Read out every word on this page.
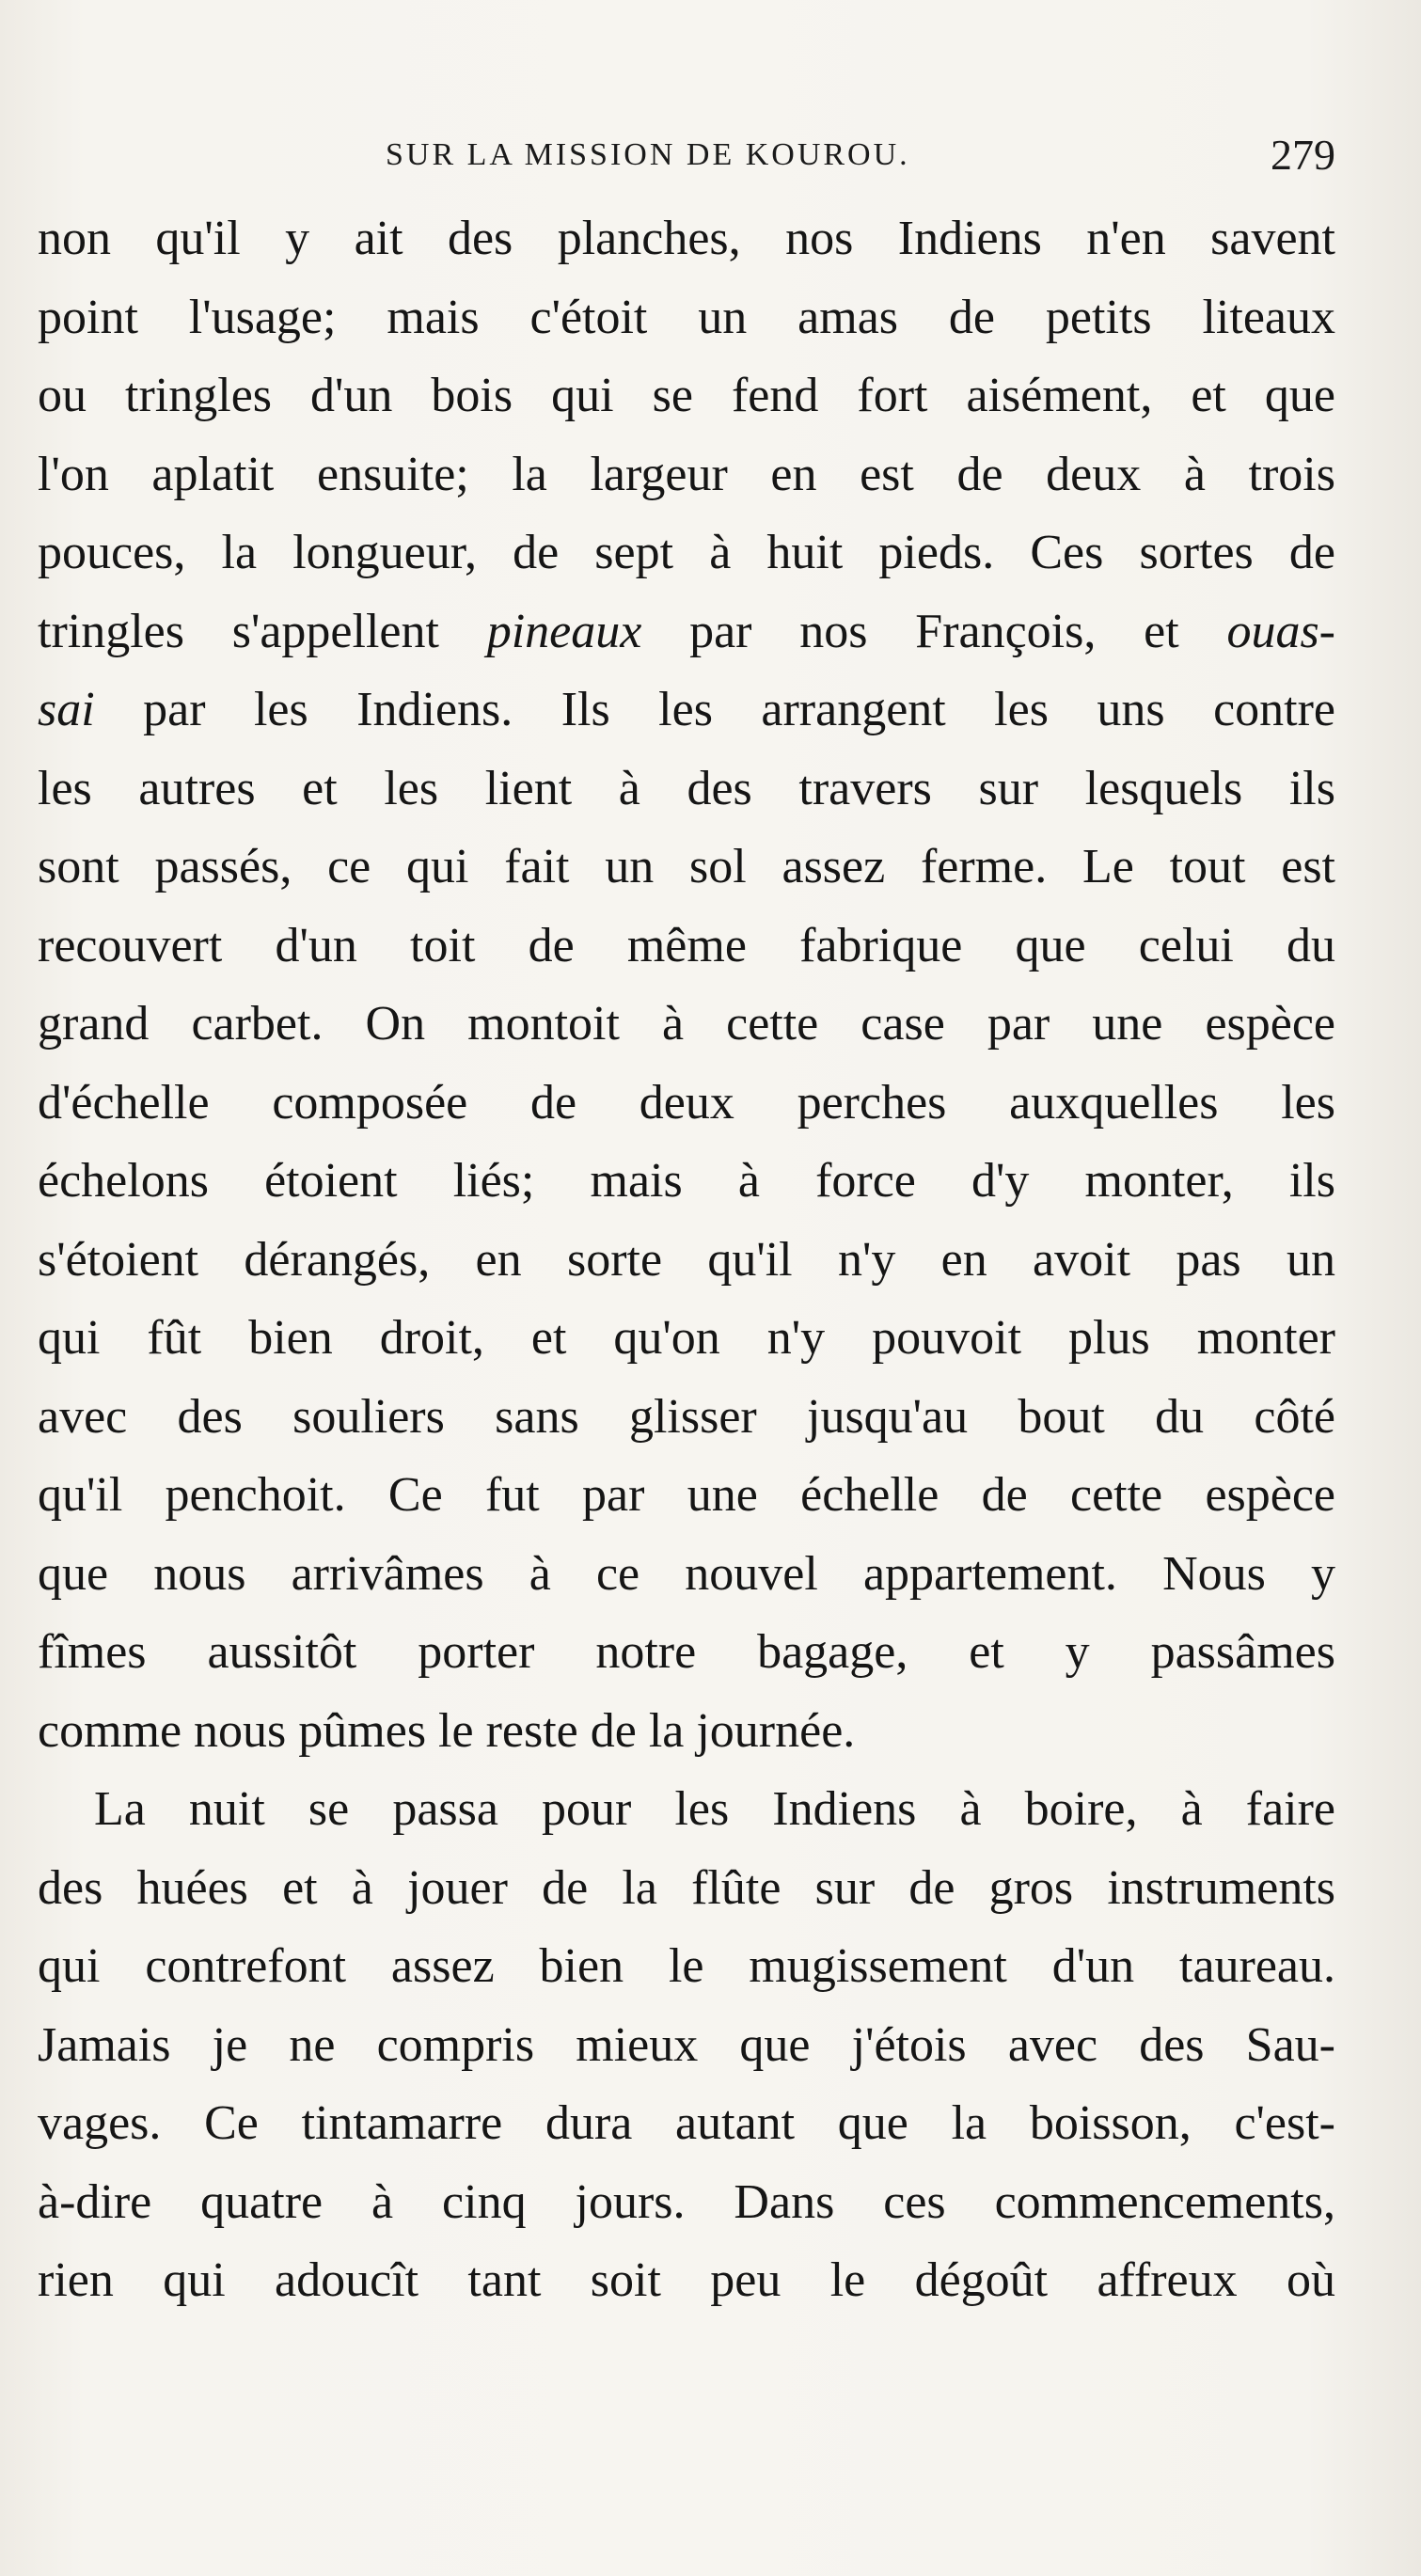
SUR LA MISSION DE KOUROU.	279
non qu'il y ait des planches, nos Indiens n'en savent
point l'usage; mais c'étoit un amas de petits liteaux
ou tringles d'un bois qui se fend fort aisément, et que
l'on aplatit ensuite; la largeur en est de deux à trois
pouces, la longueur, de sept à huit pieds. Ces sortes de
tringles s'appellent pineaux par nos François, et ouas-
sai par les Indiens. Ils les arrangent les uns contre
les autres et les lient à des travers sur lesquels ils
sont passés, ce qui fait un sol assez ferme. Le tout est
recouvert d'un toit de même fabrique que celui du
grand carbet. On montoit à cette case par une espèce
d'échelle composée de deux perches auxquelles les
échelons étoient liés; mais à force d'y monter, ils
s'étoient dérangés, en sorte qu'il n'y en avoit pas un
qui fût bien droit, et qu'on n'y pouvoit plus monter
avec des souliers sans glisser jusqu'au bout du côté
qu'il penchoit. Ce fut par une échelle de cette espèce
que nous arrivâmes à ce nouvel appartement. Nous y
fîmes aussitôt porter notre bagage, et y passâmes
comme nous pûmes le reste de la journée.
La nuit se passa pour les Indiens à boire, à faire
des huées et à jouer de la flûte sur de gros instruments
qui contrefont assez bien le mugissement d'un taureau.
Jamais je ne compris mieux que j'étois avec des Sau-
vages. Ce tintamarre dura autant que la boisson, c'est-
à-dire quatre à cinq jours. Dans ces commencements,
rien qui adoucît tant soit peu le dégoût affreux où
